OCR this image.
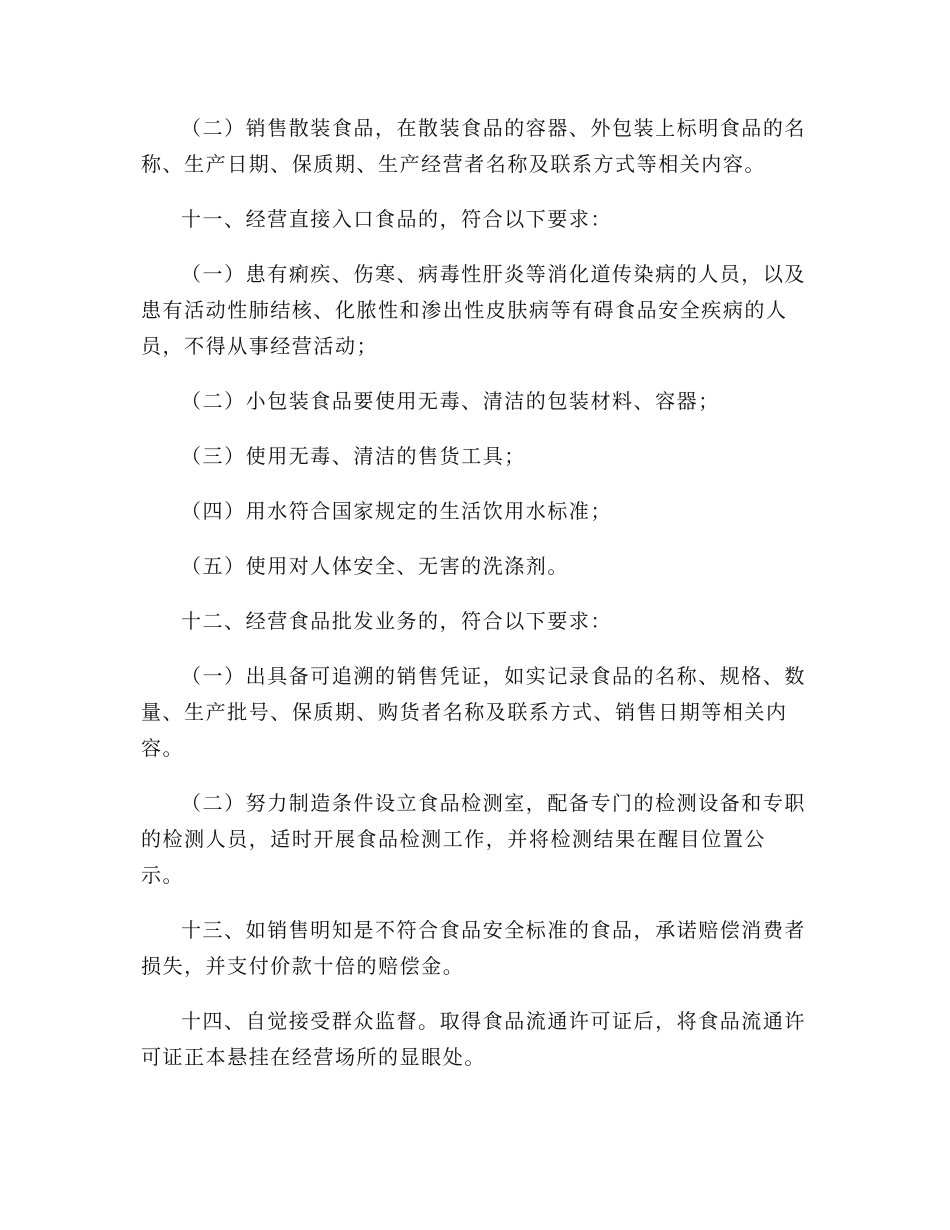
（二）销售散装食品，在散装食品的容器、外包装上标明食品的名称、生产日期、保质期、生产经营者名称及联系方式等相关内容。

十一、经营直接入口食品的，符合以下要求：

（一）患有痢疾、伤寒、病毒性肝炎等消化道传染病的人员，以及患有活动性肺结核、化脓性和渗出性皮肤病等有碍食品安全疾病的人员，不得从事经营活动；

（二）小包装食品要使用无毒、清洁的包装材料、容器；

（三）使用无毒、清洁的售货工具；

（四）用水符合国家规定的生活饮用水标准；

（五）使用对人体安全、无害的洗涤剂。

十二、经营食品批发业务的，符合以下要求：

（一）出具备可追溯的销售凭证，如实记录食品的名称、规格、数量、生产批号、保质期、购货者名称及联系方式、销售日期等相关内容。

（二）努力制造条件设立食品检测室，配备专门的检测设备和专职的检测人员，适时开展食品检测工作，并将检测结果在醒目位置公示。

十三、如销售明知是不符合食品安全标准的食品，承诺赔偿消费者损失，并支付价款十倍的赔偿金。

十四、自觉接受群众监督。取得食品流通许可证后，将食品流通许可证正本悬挂在经营场所的显眼处。
